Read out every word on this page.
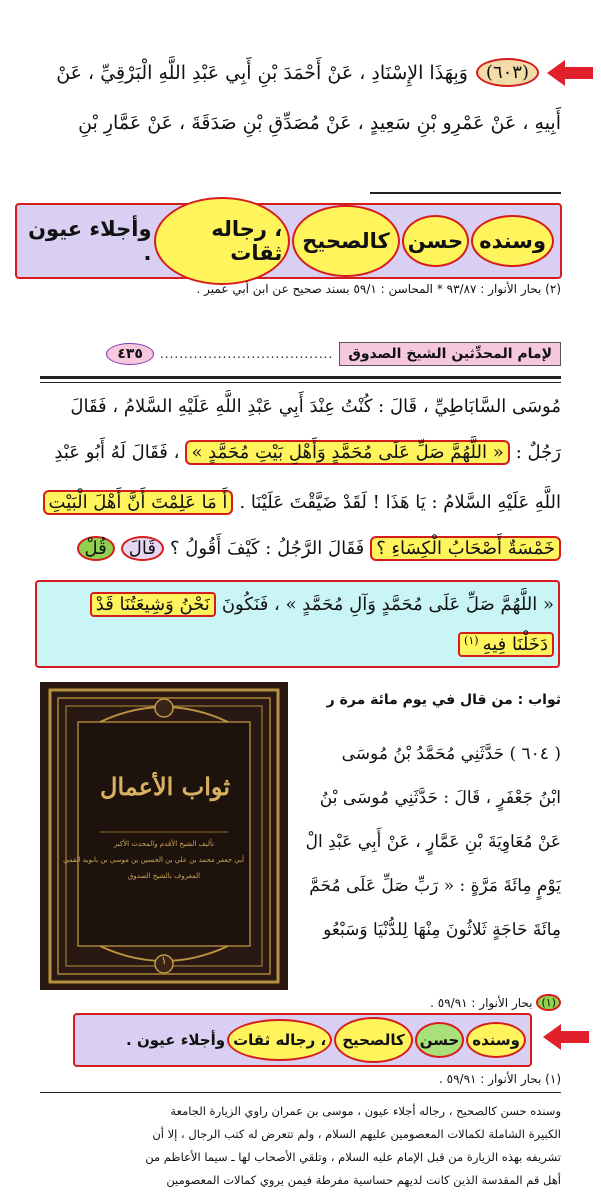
(٦٠٣)
وَبِهَذَا الإِسْنَادِ ، عَنْ أَحْمَدَ بْنِ أَبِي عَبْدِ اللَّهِ الْبَرْقِيِّ ، عَنْ
أَبِيهِ ، عَنْ عَمْرِو بْنِ سَعِيدٍ ، عَنْ مُصَدِّقِ بْنِ صَدَقَةَ ، عَنْ عَمَّارِ بْنِ
وسنده
حسن
كالصحيح
، رجاله ثقات
وأجلاء عيون .
(٢) بحار الأنوار : ٩٣/٨٧ * المحاسن : ٥٩/١ بسند صحيح عن ابن أبي عمير .
لإمام المحدِّثين الشيخ الصدوق
....................................
٤٣٥
مُوسَى السَّابَاطِيِّ ، قَالَ : كُنْتُ عِنْدَ أَبِي عَبْدِ اللَّهِ عَلَيْهِ السَّلامُ ، فَقَالَ
رَجُلٌ :
« اللَّهُمَّ صَلِّ عَلَى مُحَمَّدٍ وَأَهْلِ بَيْتِ مُحَمَّدٍ »
، فَقَالَ لَهُ أَبُو عَبْدِ
اللَّهِ عَلَيْهِ السَّلامُ : يَا هَذَا ! لَقَدْ ضَيَّقْتَ عَلَيْنَا .
أَ مَا عَلِمْتَ أَنَّ أَهْلَ الْبَيْتِ
خَمْسَةٌ أَصْحَابُ الْكِسَاءِ ؟
فَقَالَ الرَّجُلُ : كَيْفَ أَقُولُ ؟
قَالَ
قُلْ
« اللَّهُمَّ صَلِّ عَلَى مُحَمَّدٍ وَآلِ مُحَمَّدٍ » ، فَنَكُونَ
نَحْنُ وَشِيعَتُنَا قَدْ
دَخَلْنَا فِيهِ
(١)
ثواب الأعمال
تأليف الشيخ الأقدم والمحدث الأكبر
أبي جعفر محمد بن علي بن الحسين بن موسى بن بابويه القمي
المعروف بالشيخ الصدوق
١
ثواب : من قال في يوم مائة مرة ر
( ٦٠٤ ) حَدَّثَنِي مُحَمَّدُ بْنُ مُوسَى
ابْنُ جَعْفَرٍ ، قَالَ : حَدَّثَنِي مُوسَى بْنُ
عَنْ مُعَاوِيَةَ بْنِ عَمَّارٍ ، عَنْ أَبِي عَبْدِ الْ
يَوْمٍ مِائَةَ مَرَّةٍ : « رَبِّ صَلِّ عَلَى مُحَمَّ
مِائَةَ حَاجَةٍ ثَلاثُونَ مِنْهَا لِلدُّنْيَا وَسَبْعُو
(١)
بحار الأنوار : ٥٩/٩١ .
وسنده
حسن
كالصحيح
، رجاله ثقات
وأجلاء عيون .
(١) بحار الأنوار : ٥٩/٩١ .
وسنده حسن كالصحيح ، رجاله أجلاء عيون ، موسى بن عمران راوي الزيارة الجامعة
الكبيرة الشاملة لكمالات المعصومين عليهم السلام ، ولم تتعرض له كتب الرجال ، إلا أن
تشريفه بهذه الزيارة من قبل الإمام عليه السلام ، وتلقي الأصحاب لها ـ سيما الأعاظم من
أهل قم المقدسة الذين كانت لديهم حساسية مفرطة فيمن يروي كمالات المعصومين
